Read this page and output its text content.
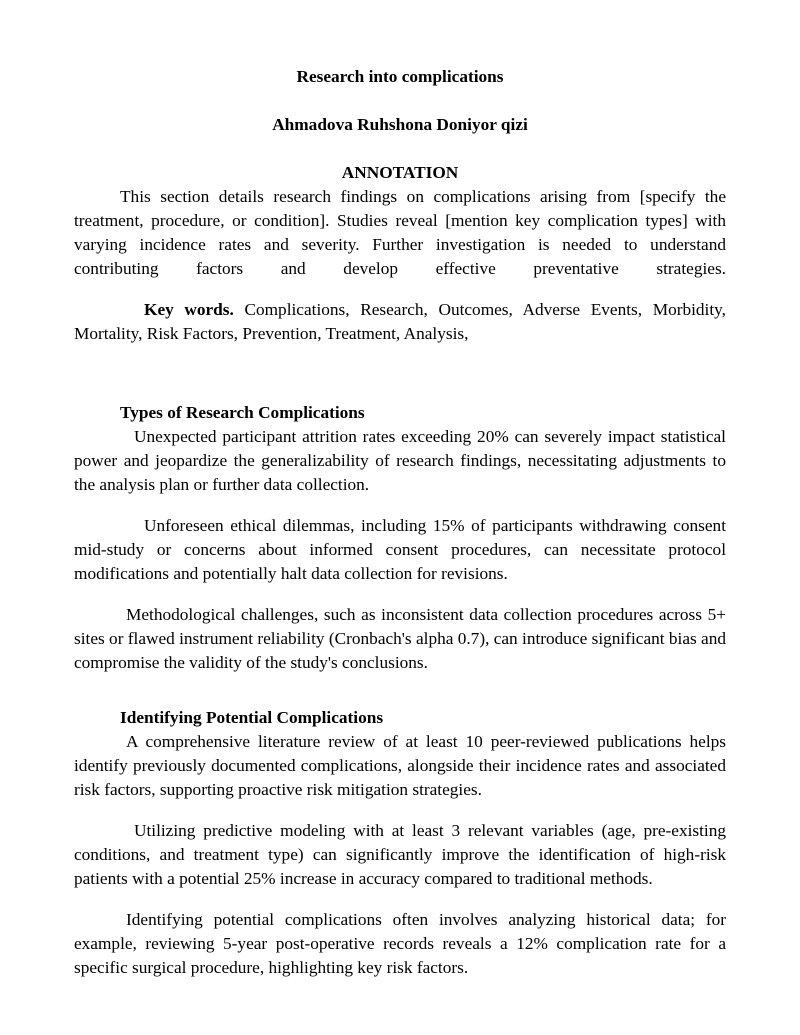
Research into complications
Ahmadova Ruhshona Doniyor qizi
ANNOTATION

This section details research findings on complications arising from [specify the treatment, procedure, or condition]. Studies reveal [mention key complication types] with varying incidence rates and severity. Further investigation is needed to understand contributing factors and develop effective preventative strategies.

Key words. Complications, Research, Outcomes, Adverse Events, Morbidity, Mortality, Risk Factors, Prevention, Treatment, Analysis,

Types of Research Complications

Unexpected participant attrition rates exceeding 20% can severely impact statistical power and jeopardize the generalizability of research findings, necessitating adjustments to the analysis plan or further data collection.

Unforeseen ethical dilemmas, including 15% of participants withdrawing consent mid-study or concerns about informed consent procedures, can necessitate protocol modifications and potentially halt data collection for revisions.

Methodological challenges, such as inconsistent data collection procedures across 5+ sites or flawed instrument reliability (Cronbach's alpha 0.7), can introduce significant bias and compromise the validity of the study's conclusions.

Identifying Potential Complications

A comprehensive literature review of at least 10 peer-reviewed publications helps identify previously documented complications, alongside their incidence rates and associated risk factors, supporting proactive risk mitigation strategies.

Utilizing predictive modeling with at least 3 relevant variables (age, pre-existing conditions, and treatment type) can significantly improve the identification of high-risk patients with a potential 25% increase in accuracy compared to traditional methods.

Identifying potential complications often involves analyzing historical data; for example, reviewing 5-year post-operative records reveals a 12% complication rate for a specific surgical procedure, highlighting key risk factors.
